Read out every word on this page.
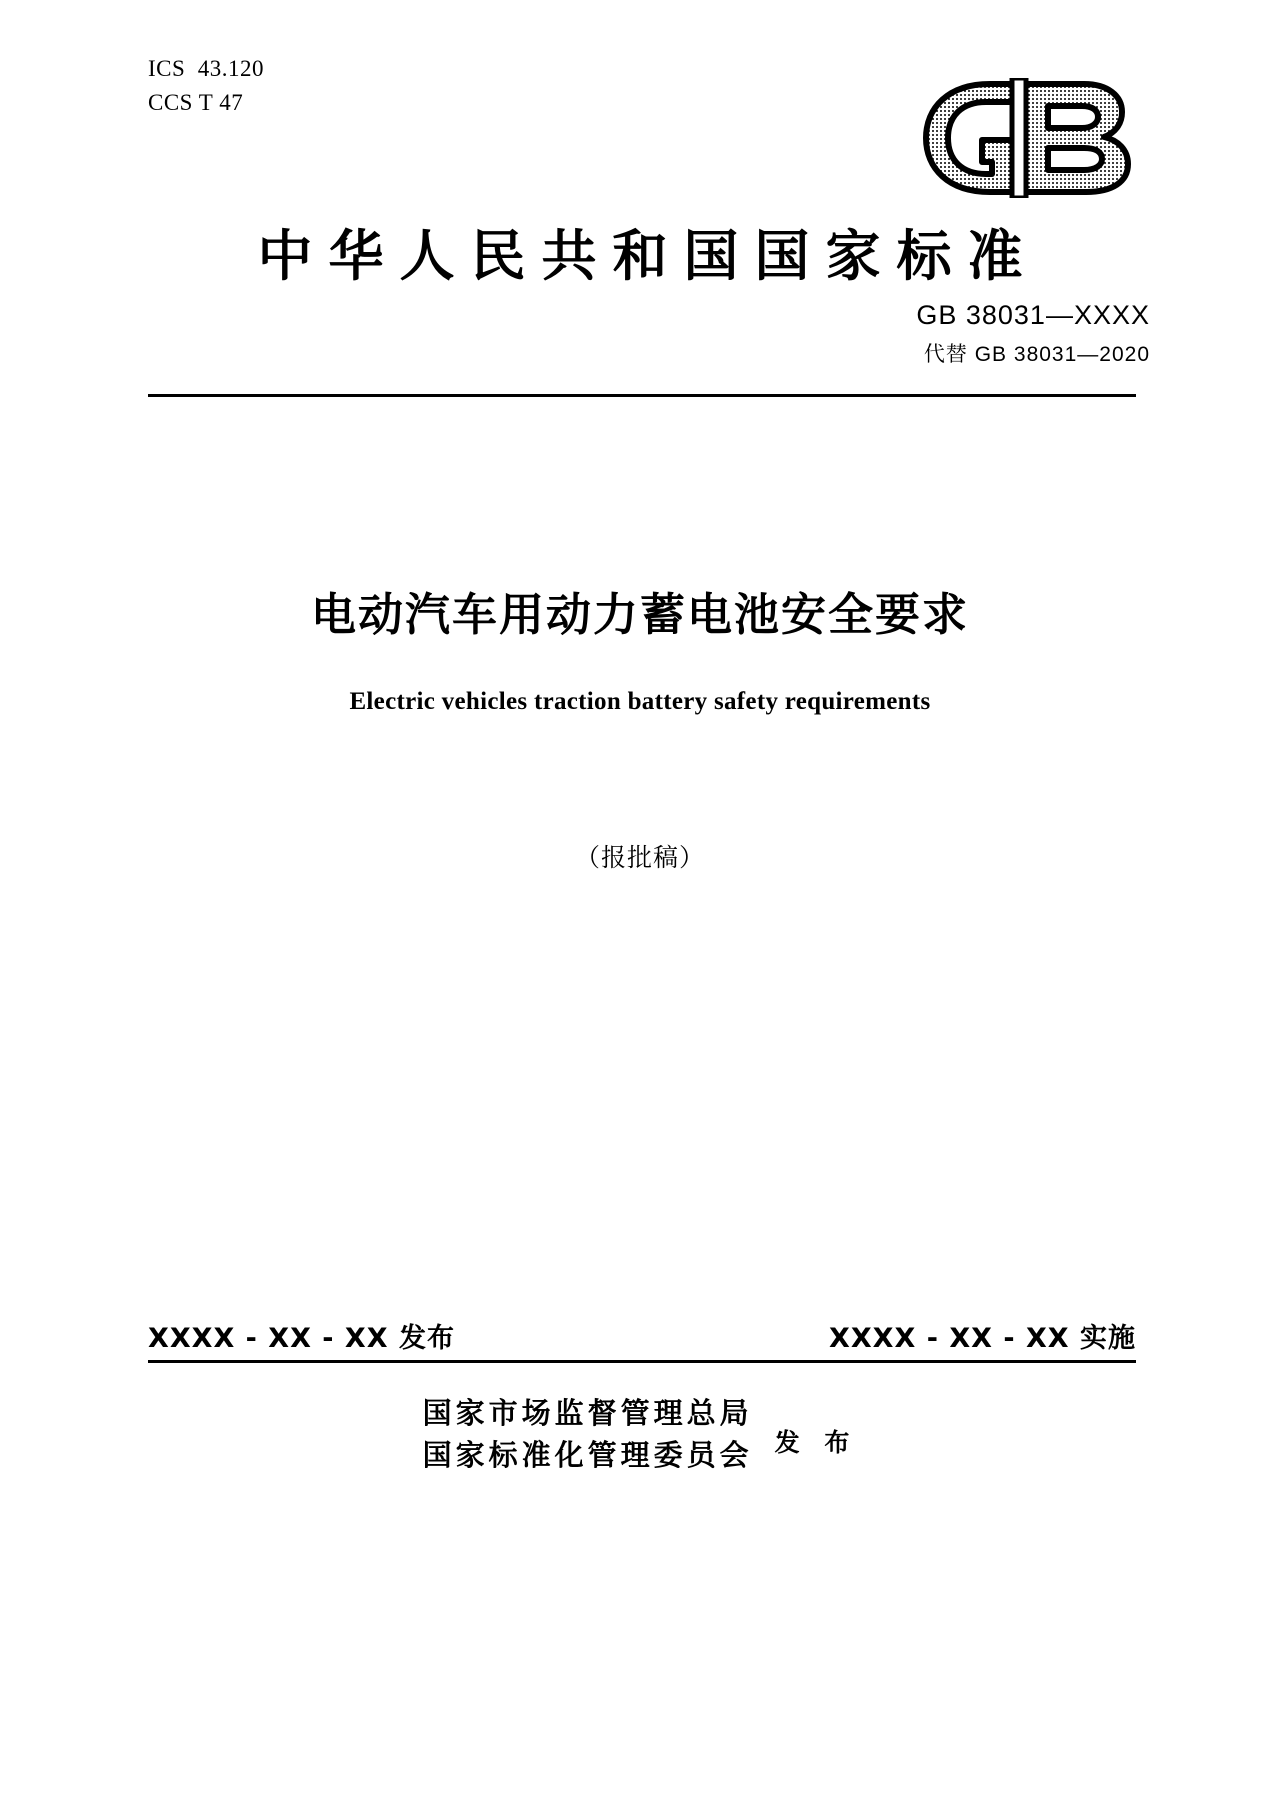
ICS  43.120
CCS T 47
中华人民共和国国家标准
GB 38031—XXXX
代替 GB 38031—2020
电动汽车用动力蓄电池安全要求
Electric vehicles traction battery safety requirements
（报批稿）
XXXX - XX - XX 发布	XXXX - XX - XX 实施
国家市场监督管理总局
国家标准化管理委员会 发 布
